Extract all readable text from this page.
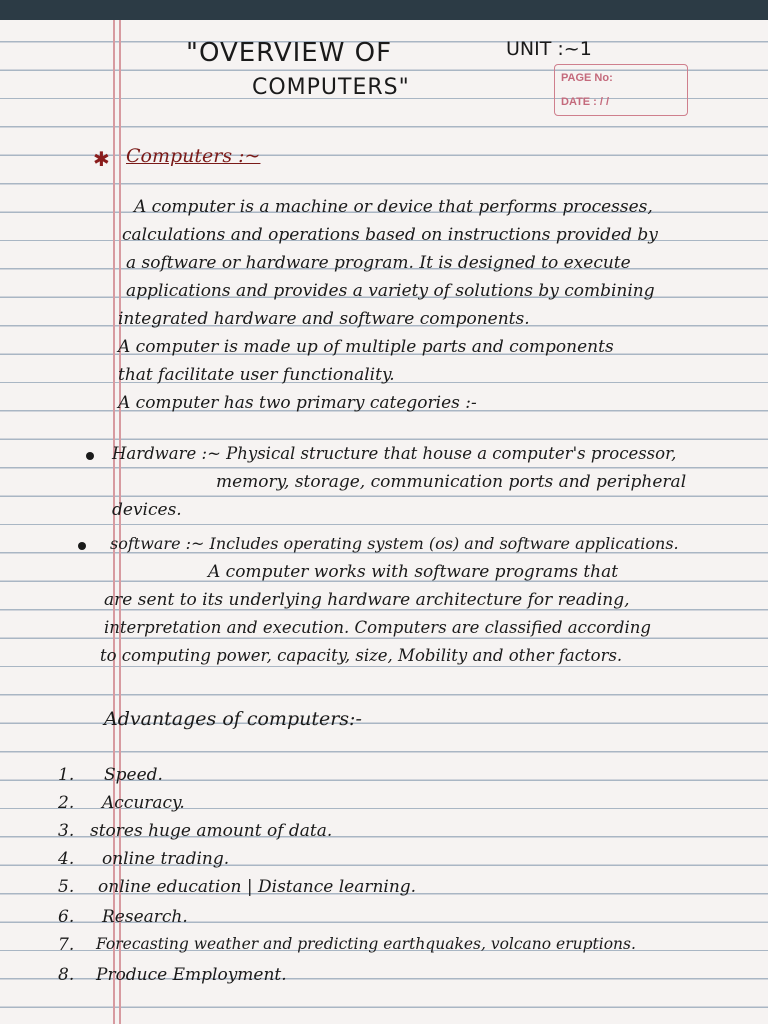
"OVERVIEW OF
COMPUTERS"
UNIT :~1
PAGE No:
DATE : / /
✱ Computers :~
A computer is a machine or device that performs processes,
calculations and operations based on instructions provided by
a software or hardware program. It is designed to execute
applications and provides a variety of solutions by combining
integrated hardware and software components.
A computer is made up of multiple parts and components
that facilitate user functionality.
A computer has two primary categories :-
Hardware :~ Physical structure that house a computer's processor,
memory, storage, communication ports and peripheral
devices.
software :~ Includes operating system (os) and software applications.
A computer works with software programs that
are sent to its underlying hardware architecture for reading,
interpretation and execution. Computers are classified according
to computing power, capacity, size, Mobility and other factors.
Advantages of computers:-
1. Speed.
2. Accuracy.
3. stores huge amount of data.
4. online trading.
5. online education | Distance learning.
6. Research.
7. Forecasting weather and predicting earthquakes, volcano eruptions.
8. Produce Employment.
